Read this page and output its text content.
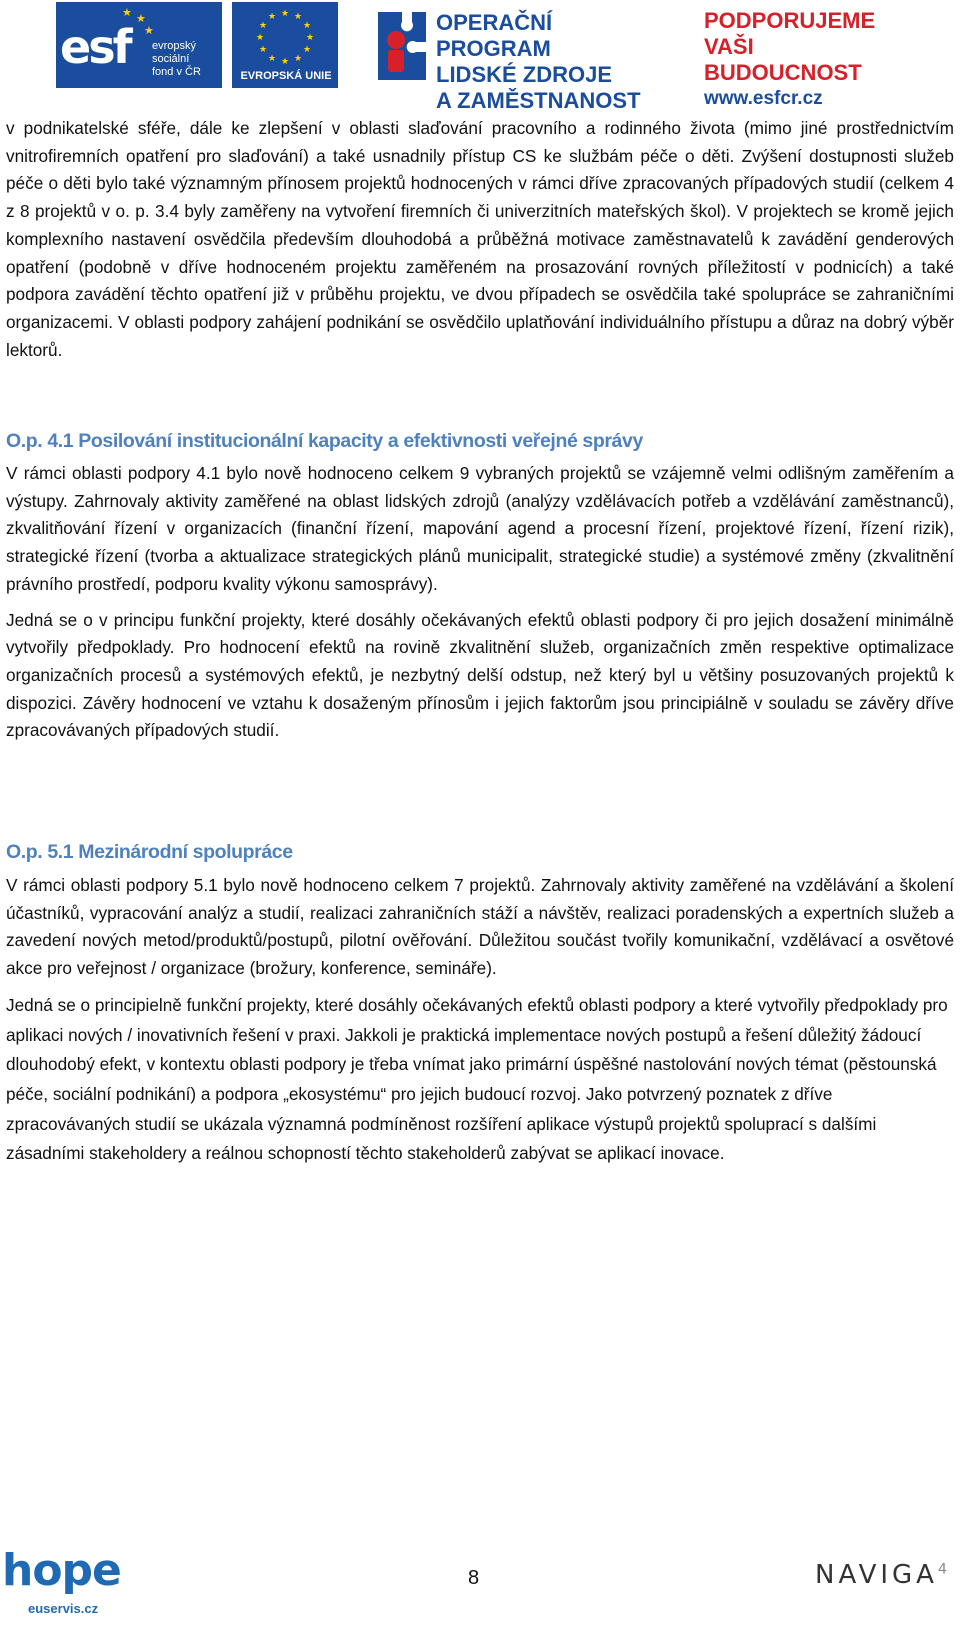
★ ★
★
esf evropský
sociální
fond v ČR
★ ★
★
★
★
★
★
★
★
★
★
★
EVROPSKÁ UNIE
OPERAČNÍ PROGRAM
LIDSKÉ ZDROJE
A ZAMĚSTNANOST
PODPORUJEME
VAŠI BUDOUCNOST
www.esfcr.cz

v podnikatelské sféře, dále ke zlepšení v oblasti slaďování pracovního a rodinného života (mimo jiné prostřednictvím vnitrofiremních opatření pro slaďování) a také usnadnily přístup CS ke službám péče o děti. Zvýšení dostupnosti služeb péče o děti bylo také významným přínosem projektů hodnocených v rámci dříve zpracovaných případových studií (celkem 4 z 8 projektů v o. p. 3.4 byly zaměřeny na vytvoření firemních či univerzitních mateřských škol). V projektech se kromě jejich komplexního nastavení osvědčila především dlouhodobá a průběžná motivace zaměstnavatelů k zavádění genderových opatření (podobně v dříve hodnoceném projektu zaměřeném na prosazování rovných příležitostí v podnicích) a také podpora zavádění těchto opatření již v průběhu projektu, ve dvou případech se osvědčila také spolupráce se zahraničními organizacemi. V oblasti podpory zahájení podnikání se osvědčilo uplatňování individuálního přístupu a důraz na dobrý výběr lektorů.

O.p. 4.1 Posilování institucionální kapacity a efektivnosti veřejné správy

V rámci oblasti podpory 4.1 bylo nově hodnoceno celkem 9 vybraných projektů se vzájemně velmi odlišným zaměřením a výstupy. Zahrnovaly aktivity zaměřené na oblast lidských zdrojů (analýzy vzdělávacích potřeb a vzdělávání zaměstnanců), zkvalitňování řízení v organizacích (finanční řízení, mapování agend a procesní řízení, projektové řízení, řízení rizik), strategické řízení (tvorba a aktualizace strategických plánů municipalit, strategické studie) a systémové změny (zkvalitnění právního prostředí, podporu kvality výkonu samosprávy).

Jedná se o v principu funkční projekty, které dosáhly očekávaných efektů oblasti podpory či pro jejich dosažení minimálně vytvořily předpoklady. Pro hodnocení efektů na rovině zkvalitnění služeb, organizačních změn respektive optimalizace organizačních procesů a systémových efektů, je nezbytný delší odstup, než který byl u většiny posuzovaných projektů k dispozici. Závěry hodnocení ve vztahu k dosaženým přínosům i jejich faktorům jsou principiálně v souladu se závěry dříve zpracovávaných případových studií.

O.p. 5.1 Mezinárodní spolupráce

V rámci oblasti podpory 5.1 bylo nově hodnoceno celkem 7 projektů. Zahrnovaly aktivity zaměřené na vzdělávání a školení účastníků, vypracování analýz a studií, realizaci zahraničních stáží a návštěv, realizaci poradenských a expertních služeb a zavedení nových metod/produktů/postupů, pilotní ověřování. Důležitou součást tvořily komunikační, vzdělávací a osvětové akce pro veřejnost / organizace (brožury, konference, semináře).

Jedná se o principielně funkční projekty, které dosáhly očekávaných efektů oblasti podpory a které vytvořily předpoklady pro aplikaci nových / inovativních řešení v praxi. Jakkoli je praktická implementace nových postupů a řešení důležitý žádoucí dlouhodobý efekt, v kontextu oblasti podpory je třeba vnímat jako primární úspěšné nastolování nových témat (pěstounská péče, sociální podnikání) a podpora „ekosystému“ pro jejich budoucí rozvoj. Jako potvrzený poznatek z dříve zpracovávaných studií se ukázala významná podmíněnost rozšíření aplikace výstupů projektů spoluprací s dalšími zásadními stakeholdery a reálnou schopností těchto stakeholderů zabývat se aplikací inovace.

hope
euservis.cz
8	NAVIGA$^4$
